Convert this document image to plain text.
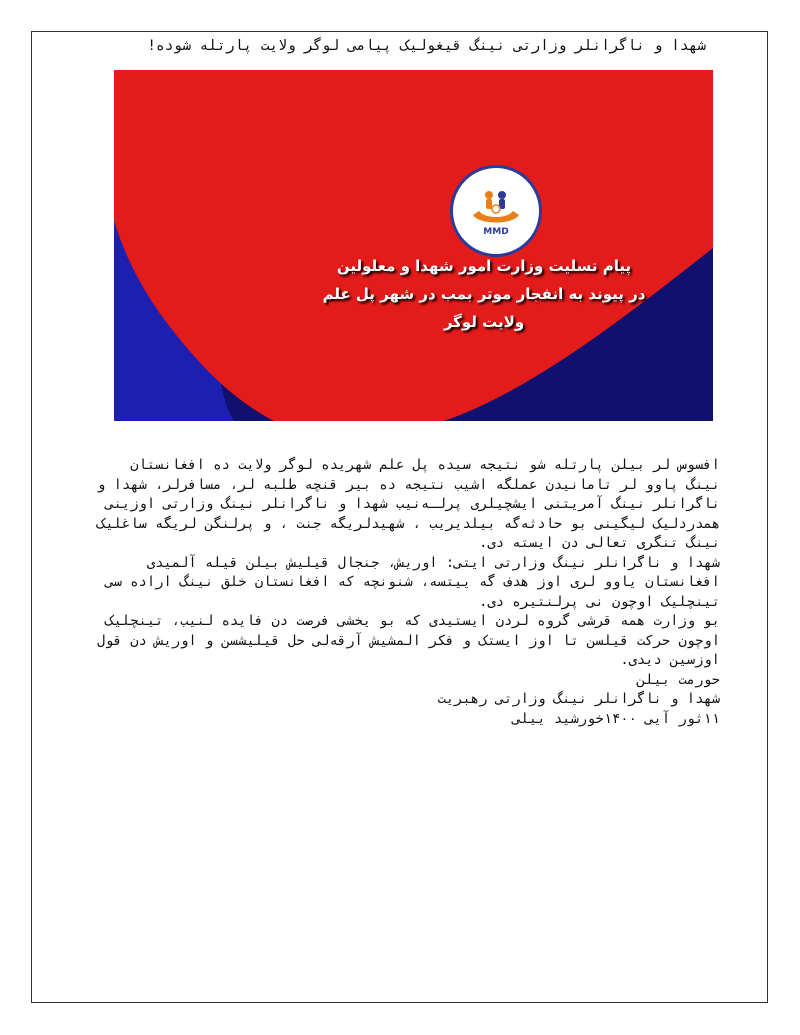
شهدا و ناگرانلر وزارتی نینگ قیغولیک پیامی لوگر ولایت پارتله شوده!
MMD
پیام تسلیت وزارت امور شهدا و معلولین
در پیوند به انفجار موتر بمب در شهر پل علم
ولایت لوگر

افسوس لر بیلن پارتله شو نتیجه سیده پل علم شهریده لوگر ولایت ده افغانستان نینگ پاوو لر تامانیدن عملگه اشیب نتیجه ده بیر قنچه طلبه لر، مسافرلر، شهدا و ناگرانلر نینگ آمریتنی ایشچیلری پرلـه‌نیب شهدا و ناگرانلر نینگ وزارتی اوزینی همدردلیک لیگینی بو حادثه‌گه بیلدیریب ، شهیدلریگه جنت ، و پرلنگن لریگه ساغلیک نینگ تنگری تعالی دن ایسته دی.

شهدا و ناگرانلر نینگ وزارتی ایتی: اوریش، جنجال قیلیش بیلن قیله آلمیدی افغانستان یاوو لری اوز هدف گه ییتسه، شنونچه که افغانستان خلق نینگ اراده سی تینچلیک اوچون نی پرلنتیره دی.

بو وزارت همه قرشی گروه لردن ایستیدی که بو یخشی فرصت دن فایده لنیب، تینچلیک اوچون حرکت قیلسن تا اوز ایستک و فکر المشیش آرقه‌لی حل قیلیشسن و اوریش دن قول اوزسین دیدی.

حورمت بیلن

شهدا و ناگرانلر نینگ وزارتی رهبریت

۱۱ثور آیی ۱۴۰۰خورشید ییلی
